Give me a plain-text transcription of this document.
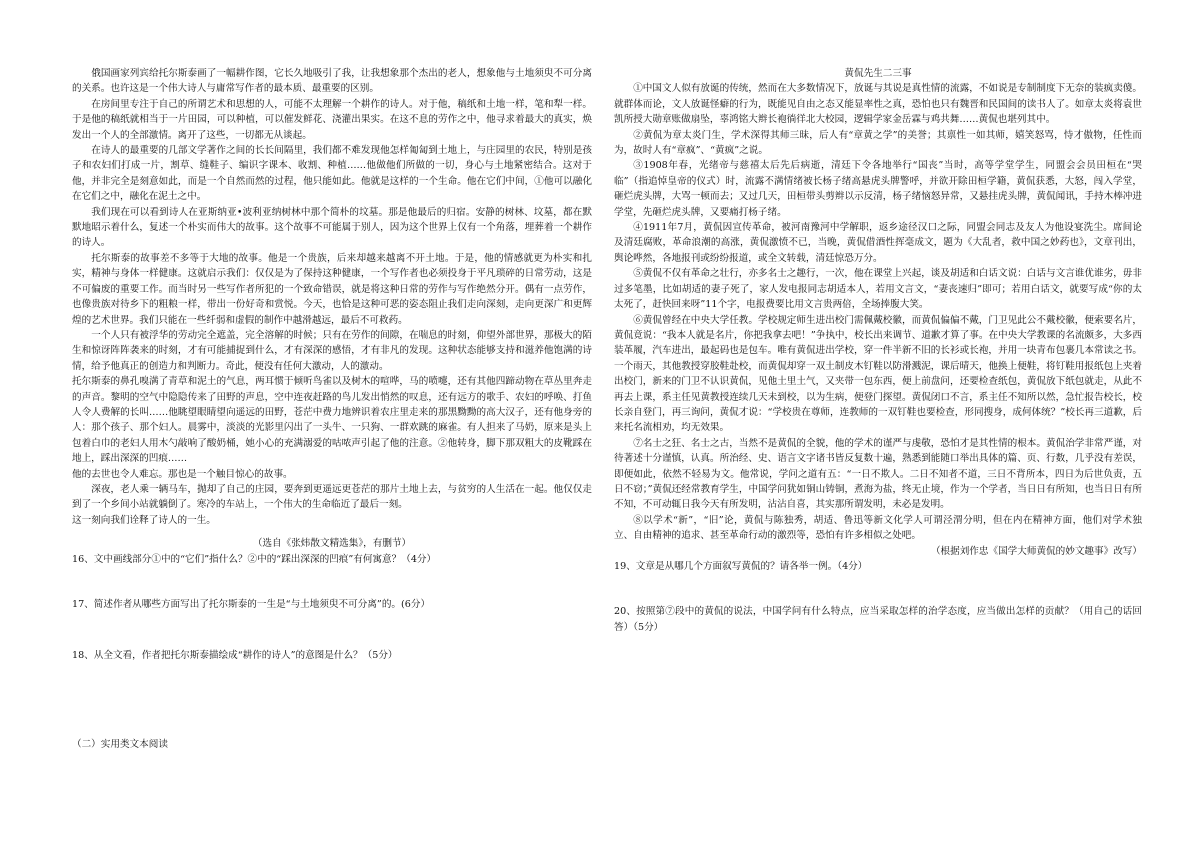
俄国画家列宾给托尔斯泰画了一幅耕作图，它长久地吸引了我，让我想象那个杰出的老人，想象他与土地须臾不可分离的关系。也许这是一个伟大诗人与庸常写作者的最本质、最重要的区别。

在房间里专注于自己的所谓艺术和思想的人，可能不太理解一个耕作的诗人。对于他，稿纸和土地一样，笔和犁一样。于是他的稿纸就相当于一片田园，可以种植，可以催发鲜花、浇灌出果实。在这不息的劳作之中，他寻求着最大的真实，焕发出一个人的全部激情。离开了这些，一切都无从谈起。

在诗人的最重要的几部文学著作之间的长长间隔里，我们都不难发现他怎样匍匐到土地上，与庄园里的农民，特别是孩子和农妇们打成一片，割草、缝鞋子、编识字课本、收割、种植……他做他们所做的一切，身心与土地紧密结合。这对于他，并非完全是刻意如此，而是一个自然而然的过程，他只能如此。他就是这样的一个生命。他在它们中间，①他可以融化在它们之中，融化在泥土之中。

我们现在可以看到诗人在亚斯纳亚•波利亚纳树林中那个简朴的坟墓。那是他最后的归宿。安静的树林、坟墓，都在默默地昭示着什么，复述一个朴实而伟大的故事。这个故事不可能属于别人，因为这个世界上仅有一个角落，埋葬着一个耕作的诗人。

托尔斯泰的故事差不多等于大地的故事。他是一个贵族，后来却越来越离不开土地。于是，他的情感就更为朴实和扎实，精神与身体一样健康。这就启示我们：仅仅是为了保持这种健康，一个写作者也必须投身于平凡琐碎的日常劳动，这是不可偏废的重要工作。而当时另一些写作者所犯的一个致命错误，就是将这种日常的劳作与写作绝然分开。偶有一点劳作，也像贵族对待乡下的粗粮一样，带出一份好奇和赏悦。今天，也恰是这种可恶的姿态阻止我们走向深刻，走向更深广和更辉煌的艺术世界。我们只能在一些纤弱和虚假的制作中越滑越远，最后不可救药。

一个人只有被浮华的劳动完全遮盖，完全溶解的时候；只有在劳作的间隙，在喘息的时刻，仰望外部世界，那极大的陌生和惊讶阵阵袭来的时刻，才有可能捕捉到什么，才有深深的感悟，才有非凡的发现。这种状态能够支持和滋养他饱满的诗情，给予他真正的创造力和判断力。奇此，便没有任何大激动，人的激动。

托尔斯泰的鼻孔嗅满了青草和泥土的气息，两耳惯于倾听鸟雀以及树木的喧哗，马的喷嚏，还有其他四蹄动物在草丛里奔走的声音。黎明的空气中隐隐传来了田野的声息，空中连夜赶路的鸟儿发出悄然的叹息，还有远方的歌手、农妇的呼唤、打鱼人令人费解的长叫……他眺望眼睛望向遥远的田野，苍茫中费力地辨识着农庄里走来的那黑黝黝的高大汉子，还有他身旁的人：那个孩子、那个妇人。晨雾中，淡淡的光影里闪出了一头牛、一只狗、一群欢跳的麻雀。有人担来了马奶，原来是头上包着白巾的老妇人用木勺敲响了酸奶桶，她小心的充满溺爱的咕哝声引起了他的注意。②他转身，脚下那双粗大的皮靴踩在地上，踩出深深的凹痕……

他的去世也令人难忘。那也是一个触目惊心的故事。

深夜，老人乘一辆马车，抛却了自己的庄园，要奔到更遥远更苍茫的那片土地上去，与贫穷的人生活在一起。他仅仅走到了一个乡间小站就躺倒了。寒冷的车站上，一个伟大的生命临近了最后一刻。

这一刻向我们诠释了诗人的一生。

（选自《张炜散文精选集》，有删节）

16、文中画线部分①中的“它们”指什么？②中的“踩出深深的凹痕”有何寓意？（4分）

17、简述作者从哪些方面写出了托尔斯泰的一生是“与土地须臾不可分离”的。(6分）

18、从全文看，作者把托尔斯泰描绘成“耕作的诗人”的意图是什么？（5分）

（二）实用类文本阅读

黄侃先生二三事

①中国文人似有放诞的传统，然而在大多数情况下，放诞与其说是真性情的流露，不如说是专制制度下无奈的装疯卖傻。就群体而论，文人放诞怪癖的行为，既能见自由之态又能显率性之真，恐怕也只有魏晋和民国间的读书人了。如章太炎将袁世凯所授大勋章账做扇坠，辜鸿铭大辫长袍徜徉北大校园，逻辑学家金岳霖与鸡共舞……黄侃也堪列其中。

②黄侃为章太炎门生，学术深得其师三昧，后人有“章黄之学”的美誉；其禀性一如其师，嬉笑怒骂，恃才傲物，任性而为，故时人有“章疯”、“黄疯”之说。

③1908年春，光绪帝与慈禧太后先后病逝，清廷下令各地举行“国丧”当时，高等学堂学生，同盟会会员田桓在“哭临”（指追悼皇帝的仪式）时，流露不满情绪被长杨子绪高悬虎头牌警呼，并欲开除田桓学籍，黄侃获悉，大怒，闯入学堂，砸烂虎头牌，大骂一顿而去；又过几天，田桓带头剪辫以示反清，杨子绪恼怒异常，又悬挂虎头牌，黄侃闻讯，手持木棒冲进学堂，先砸烂虎头牌，又要痛打杨子绪。

④1911年7月，黄侃因宣传革命，被河南豫河中学解职，返乡途径汉口之际，同盟会同志及友人为他设宴洗尘。席间论及清廷腐败，革命浪潮的高涨，黄侃激愤不已，当晚，黄侃借酒性挥毫成文，题为《大乱者，救中国之妙药也》，文章刊出，舆论哗然，各地报刊或纷纷报道，或全文转载，清廷惊恐万分。

⑤黄侃不仅有革命之壮行，亦多名士之趣行，一次，他在课堂上兴起，谈及胡适和白话文说：白话与文言谁优谁劣，毋非过多笔墨，比如胡适的妻子死了，家人发电报同志胡适本人，若用文言文，“妻丧速归”即可；若用白话文，就要写成“你的太太死了，赶快回来呀”11个字，电报费要比用文言贵两倍，全场捧腹大笑。

⑥黄侃曾经在中央大学任教。学校规定师生进出校门需佩戴校徽，而黄侃偏偏不戴，门卫见此公不戴校徽，便索要名片，黄侃竟说：“我本人就是名片，你把我拿去吧！”争执中，校长出来调节、道歉才算了事。在中央大学教课的名流颇多，大多西装革履，汽车进出，最起码也是包车。唯有黄侃进出学校，穿一件半新不旧的长衫或长袍，并用一块青布包裹几本常读之书。一个雨天，其他教授穿胶鞋赴校，而黄侃却穿一双土制皮木钉鞋以防滑溅泥，课后晴天，他换上便鞋，将钉鞋用报纸包上夹着出校门，新来的门卫不认识黄侃，见他土里土气，又夹带一包东西，便上前盘问，还要检查纸包，黄侃放下纸包就走，从此不再去上课，系主任见黄教授连续几天未到校，以为生病，便登门探望。黄侃闭口不言，系主任不知所以然，急忙报告校长，校长亲自登门，再三询问，黄侃才说：“学校贵在尊师，连教师的一双钉鞋也要检查，形同搜身，成何体统？”校长再三道歉，后来托名流相劝，均无效果。

⑦名士之狂、名士之古，当然不是黄侃的全貌，他的学术的谨严与虔敬，恐怕才是其性情的根本。黄侃治学非常严谨，对待著述十分谨慎，认真。所治经、史、语言文字诸书皆反复数十遍，熟悉到能随口举出具体的篇、页、行数，几乎没有差误，即便如此，依然不轻易为文。他常说，学问之道有五：“一日不欺人。二日不知者不道，三日不背所本，四日为后世负责，五日不窃；”黄侃还经常教育学生，中国学问犹如铜山铸铜，煮海为盐，终无止境，作为一个学者，当日日有所知，也当日日有所不知，不可动辄日我今天有所发明，沾沾自喜，其实那所谓发明，未必是发明。

⑧以学术“新”，“旧”论，黄侃与陈独秀，胡适、鲁迅等新文化学人可谓泾渭分明，但在内在精神方面，他们对学术独立、自由精神的追求、甚至革命行动的激烈等，恐怕有许多相似之处吧。

（根据刘作忠《国学大师黄侃的妙文趣事》改写）

19、文章是从哪几个方面叙写黄侃的？请各举一例。（4分）

20、按照第⑦段中的黄侃的说法，中国学问有什么特点，应当采取怎样的治学态度，应当做出怎样的贡献？（用自己的话回答）（5分）
